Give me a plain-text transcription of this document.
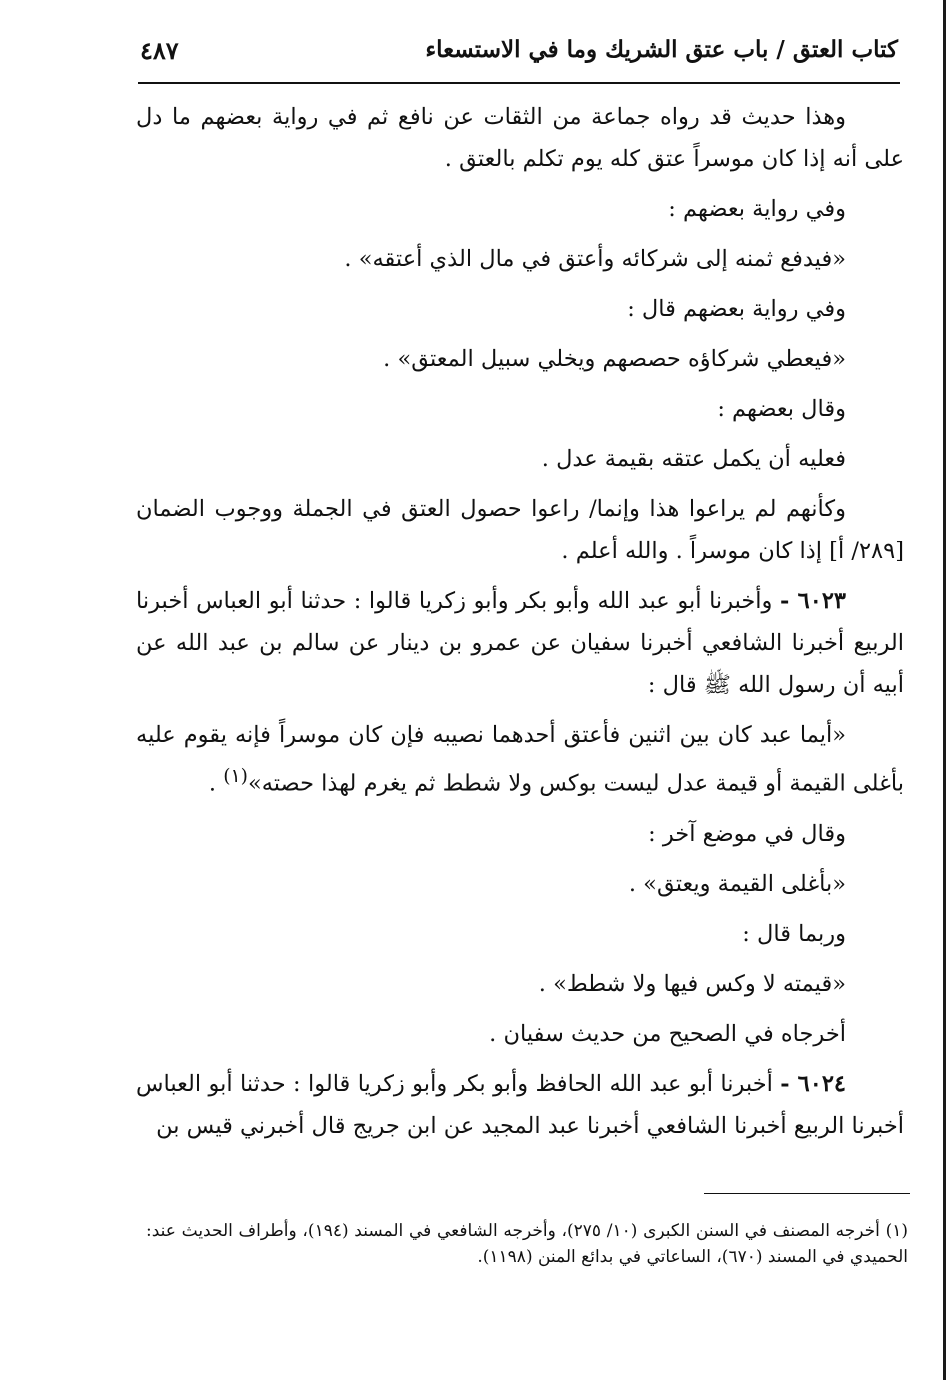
كتاب العتق / باب عتق الشريك وما في الاستسعاء
٤٨٧

وهذا حديث قد رواه جماعة من الثقات عن نافع ثم في رواية بعضهم ما دل على أنه إذا كان موسراً عتق كله يوم تكلم بالعتق .

وفي رواية بعضهم :

«فيدفع ثمنه إلى شركائه وأعتق في مال الذي أعتقه» .

وفي رواية بعضهم قال :

«فيعطي شركاؤه حصصهم ويخلي سبيل المعتق» .

وقال بعضهم :

فعليه أن يكمل عتقه بقيمة عدل .

وكأنهم لم يراعوا هذا وإنما/ راعوا حصول العتق في الجملة ووجوب الضمان [٢٨٩/ أ] إذا كان موسراً . والله أعلم .

٦٠٢٣ - وأخبرنا أبو عبد الله وأبو بكر وأبو زكريا قالوا : حدثنا أبو العباس أخبرنا الربيع أخبرنا الشافعي أخبرنا سفيان عن عمرو بن دينار عن سالم بن عبد الله عن أبيه أن رسول الله ﷺ قال :

«أيما عبد كان بين اثنين فأعتق أحدهما نصيبه فإن كان موسراً فإنه يقوم عليه بأغلى القيمة أو قيمة عدل ليست بوكس ولا شطط ثم يغرم لهذا حصته»$^{(١)}$ .

وقال في موضع آخر :

«بأغلى القيمة ويعتق» .

وربما قال :

«قيمته لا وكس فيها ولا شطط» .

أخرجاه في الصحيح من حديث سفيان .

٦٠٢٤ - أخبرنا أبو عبد الله الحافظ وأبو بكر وأبو زكريا قالوا : حدثنا أبو العباس أخبرنا الربيع أخبرنا الشافعي أخبرنا عبد المجيد عن ابن جريج قال أخبرني قيس بن

(١) أخرجه المصنف في السنن الكبرى (١٠/ ٢٧٥)، وأخرجه الشافعي في المسند (١٩٤)، وأطراف الحديث عند: الحميدي في المسند (٦٧٠)، الساعاتي في بدائع المنن (١١٩٨).
